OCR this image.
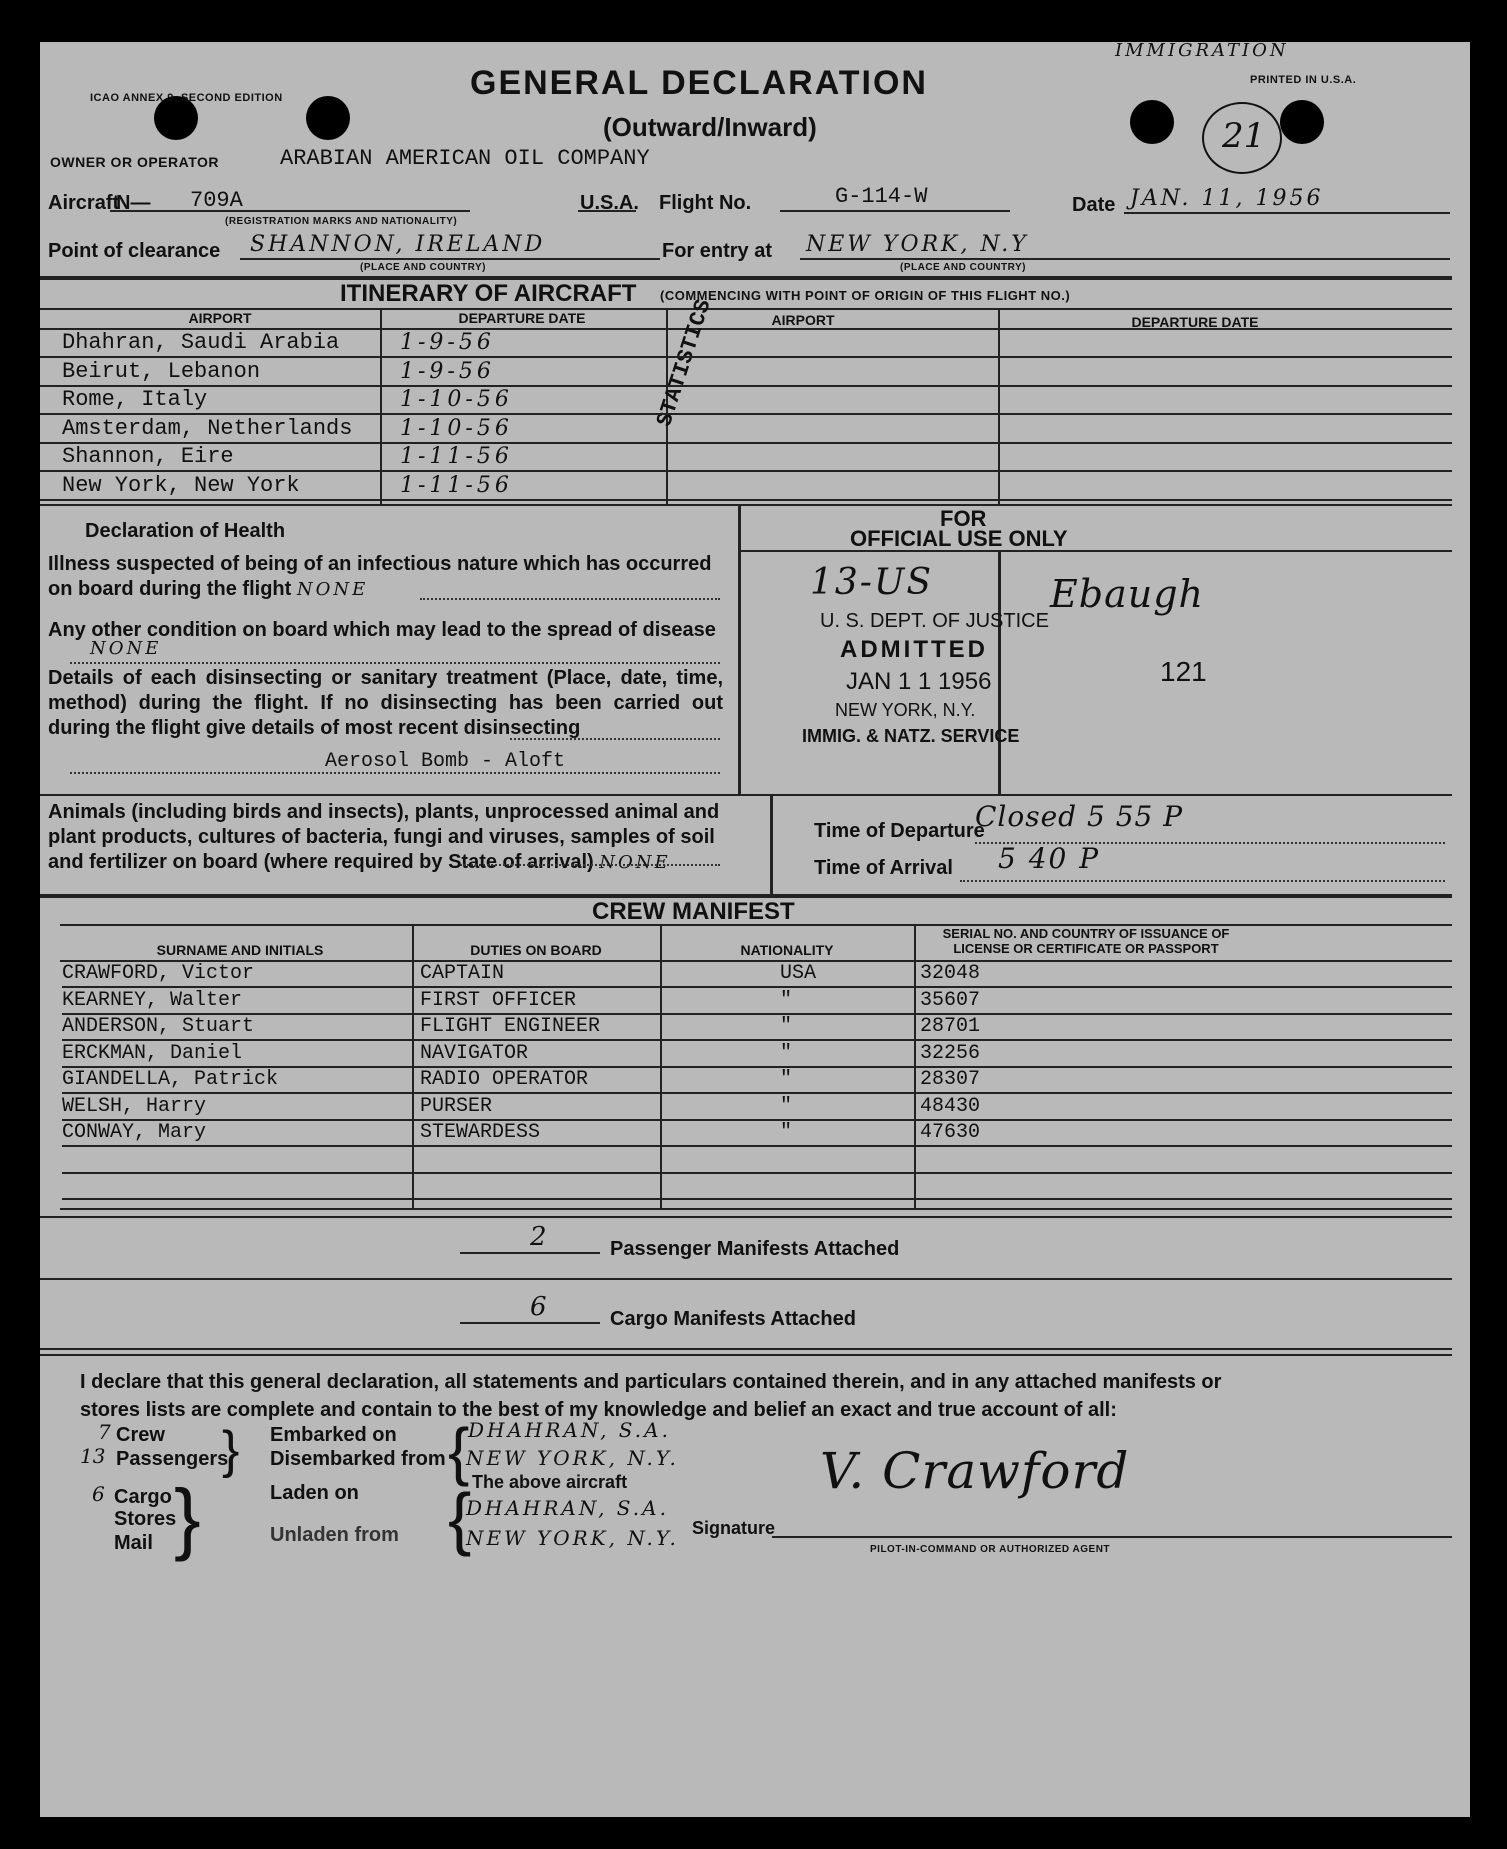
ICAO ANNEX 9. SECOND EDITION	GENERAL DECLARATION
(Outward/Inward)
PRINTED IN U.S.A.
IMMIGRATION
21
OWNER OR OPERATOR	ARABIAN AMERICAN OIL COMPANY
Aircraft
N— 709A
(REGISTRATION MARKS AND NATIONALITY)
U.S.A. Flight No.	G-114-W	Date JAN. 11, 1956
Point of clearance SHANNON, IRELAND
(PLACE AND COUNTRY)
For entry at NEW YORK, N.Y
(PLACE AND COUNTRY)
ITINERARY OF AIRCRAFT (COMMENCING WITH POINT OF ORIGIN OF THIS FLIGHT NO.)
AIRPORT	DEPARTURE DATE	AIRPORT	DEPARTURE DATE
STATISTICS
Declaration of Health
Illness suspected of being of an infectious nature which has occurred on board during the flight NONE
Any other condition on board which may lead to the spread of disease
NONE
Details of each disinsecting or sanitary treatment (Place, date, time, method) during the flight. If no disinsecting has been carried out during the flight give details of most recent disinsecting
Aerosol Bomb - Aloft
FOR
OFFICIAL USE ONLY
13-US
U. S. DEPT. OF JUSTICE
ADMITTED
JAN 1 1 1956
NEW YORK, N.Y.
IMMIG. & NATZ. SERVICE
Ebaugh
121
Animals (including birds and insects), plants, unprocessed animal and plant products, cultures of bacteria, fungi and viruses, samples of soil and fertilizer on board (where required by State of arrival) NONE
Time of Departure
Closed 5 55 P
Time of Arrival 5 40 P
CREW MANIFEST
SURNAME AND INITIALS	DUTIES ON BOARD	NATIONALITY
SERIAL NO. AND COUNTRY OF ISSUANCE OF LICENSE OR CERTIFICATE OR PASSPORT
2	Passenger Manifests Attached
6	Cargo Manifests Attached
I declare that this general declaration, all statements and particulars contained therein, and in any attached manifests or stores lists are complete and contain to the best of my knowledge and belief an exact and true account of all:
7 Crew
13 Passengers
} Embarked on
Disembarked from {
DHAHRAN, S.A.
NEW YORK, N.Y.
The above aircraft
6 Cargo
Stores
Mail }	Laden on
Unladen from {
DHAHRAN, S.A.
NEW YORK, N.Y. Signature
V. Crawford
PILOT-IN-COMMAND OR AUTHORIZED AGENT
Dhahran, Saudi Arabia	1-9-56
Beirut, Lebanon	1-9-56
Rome, Italy	1-10-56
Amsterdam, Netherlands 1-10-56
Shannon, Eire	1-11-56
New York, New York	1-11-56
CRAWFORD, Victor	CAPTAIN	USA	32048
KEARNEY, Walter	FIRST OFFICER	"	35607
ANDERSON, Stuart	FLIGHT ENGINEER	"	28701
ERCKMAN, Daniel	NAVIGATOR	"	32256
GIANDELLA, Patrick	RADIO OPERATOR	"	28307
WELSH, Harry	PURSER	"	48430
CONWAY, Mary	STEWARDESS	"	47630
